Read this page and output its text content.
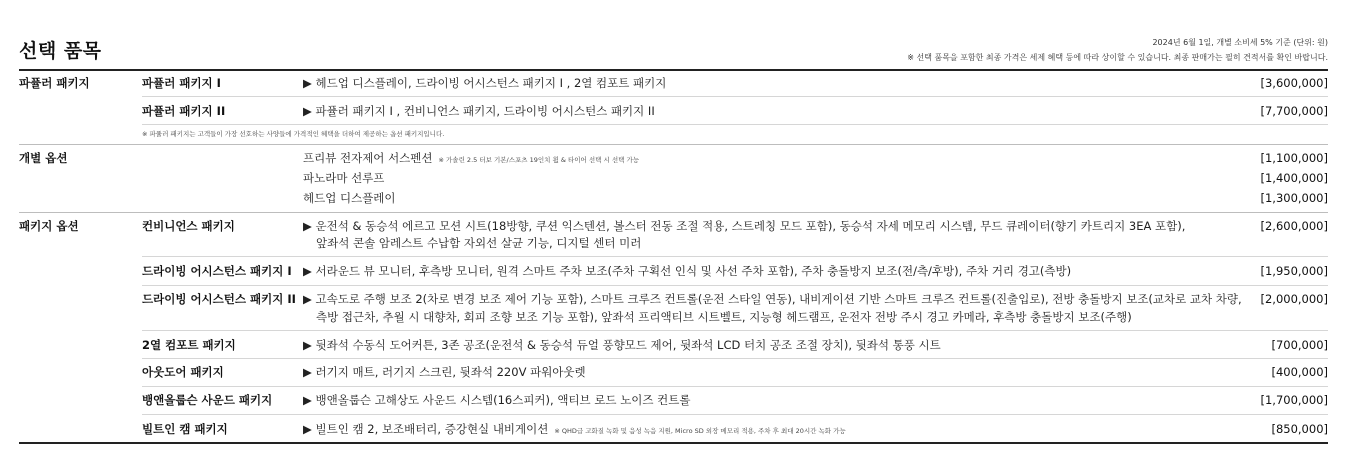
선택 품목	2024년 6월 1일, 개별 소비세 5% 기준 (단위: 원)
※ 선택 품목을 포함한 최종 가격은 세제 혜택 등에 따라 상이할 수 있습니다. 최종 판매가는 필히 견적서를 확인 바랍니다.
파퓰러 패키지	파퓰러 패키지 I	▶ 헤드업 디스플레이, 드라이빙 어시스턴스 패키지 I , 2열 컴포트 패키지	[3,600,000]
파퓰러 패키지 II	▶ 파퓰러 패키지 I , 컨비니언스 패키지, 드라이빙 어시스턴스 패키지 II	[7,700,000]
※ 파퓰러 패키지는 고객들이 가장 선호하는 사양들에 가격적인 혜택을 더하여 제공하는 옵션 패키지입니다.
개별 옵션	프리뷰 전자제어 서스펜션 ※ 가솔린 2.5 터보 기본/스포츠 19인치 휠 & 타이어 선택 시 선택 가능	[1,100,000]
파노라마 선루프	[1,400,000]
헤드업 디스플레이	[1,300,000]
패키지 옵션	컨비니언스 패키지	▶ 운전석 & 동승석 에르고 모션 시트(18방향, 쿠션 익스텐션, 볼스터 전동 조절 적용, 스트레칭 모드 포함), 동승석 자세 메모리 시스템, 무드 큐레이터(향기 카트리지 3EA 포함),
앞좌석 콘솔 암레스트 수납함 자외선 살균 기능, 디지털 센터 미러
[2,600,000]
드라이빙 어시스턴스 패키지 I ▶ 서라운드 뷰 모니터, 후측방 모니터, 원격 스마트 주차 보조(주차 구획선 인식 및 사선 주차 포함), 주차 충돌방지 보조(전/측/후방), 주차 거리 경고(측방)	[1,950,000]
드라이빙 어시스턴스 패키지 II ▶ 고속도로 주행 보조 2(차로 변경 보조 제어 기능 포함), 스마트 크루즈 컨트롤(운전 스타일 연동), 내비게이션 기반 스마트 크루즈 컨트롤(진출입로), 전방 충돌방지 보조(교차로 교차 차량,
측방 접근차, 추월 시 대향차, 회피 조향 보조 기능 포함), 앞좌석 프리액티브 시트벨트, 지능형 헤드램프, 운전자 전방 주시 경고 카메라, 후측방 충돌방지 보조(주행)
[2,000,000]
2열 컴포트 패키지	▶ 뒷좌석 수동식 도어커튼, 3존 공조(운전석 & 동승석 듀얼 풍향모드 제어, 뒷좌석 LCD 터치 공조 조절 장치), 뒷좌석 통풍 시트	[700,000]
아웃도어 패키지	▶ 러기지 매트, 러기지 스크린, 뒷좌석 220V 파워아웃렛	[400,000]
뱅앤올룹슨 사운드 패키지	▶ 뱅앤올룹슨 고해상도 사운드 시스템(16스피커), 액티브 로드 노이즈 컨트롤	[1,700,000]
빌트인 캠 패키지	▶ 빌트인 캠 2, 보조배터리, 증강현실 내비게이션 ※ QHD급 고화질 녹화 및 음성 녹음 지원, Micro SD 외장 메모리 적용, 주차 후 최대 20시간 녹화 가능	[850,000]
